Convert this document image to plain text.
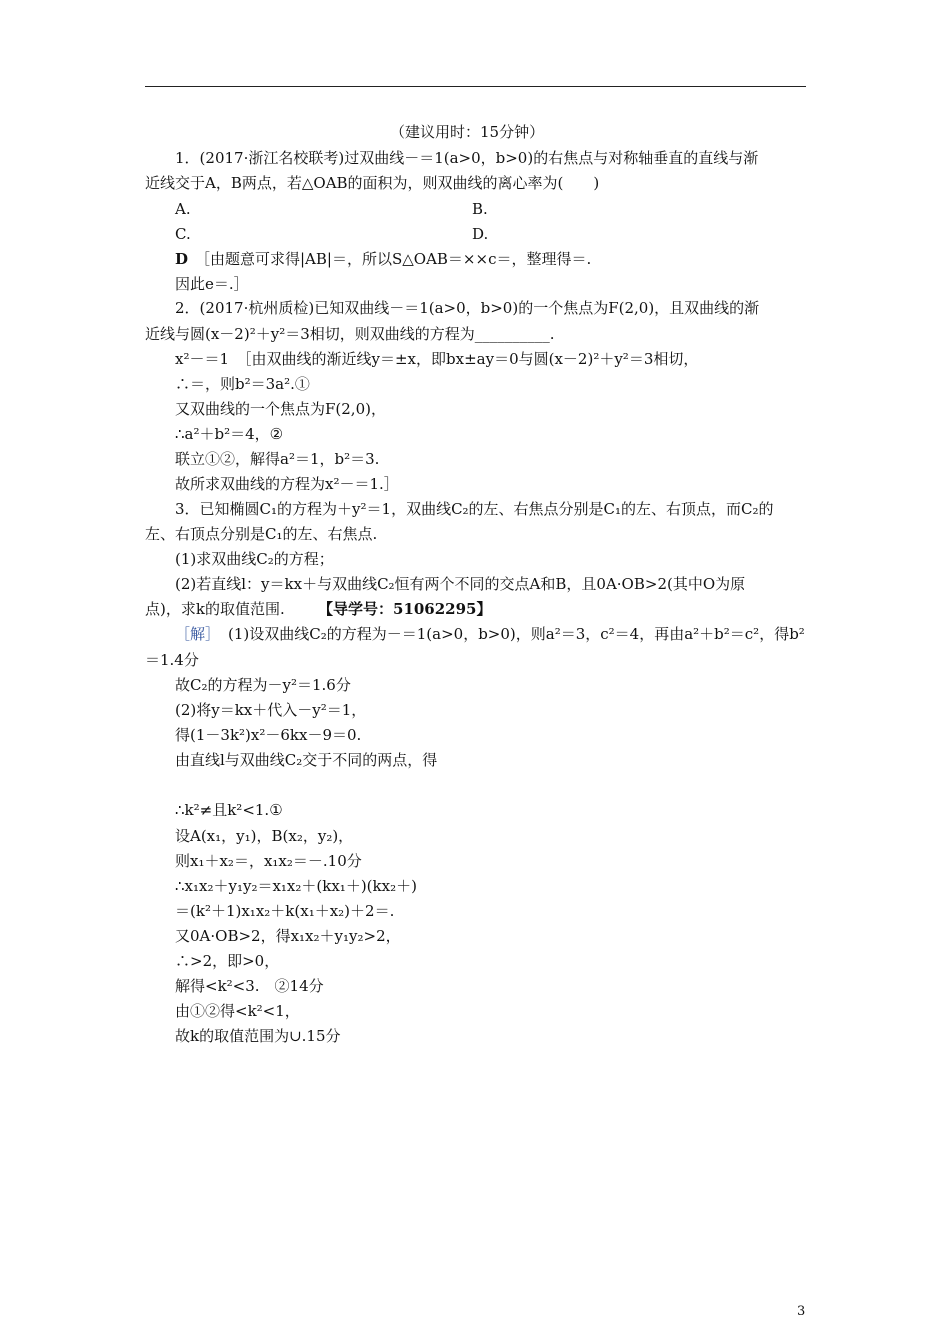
（建议用时：15分钟）
1．(2017·浙江名校联考)过双曲线－＝1(a>0，b>0)的右焦点与对称轴垂直的直线与渐
近线交于A，B两点，若△OAB的面积为，则双曲线的离心率为(　　)
A.	B.
C.	D.
D ［由题意可求得|AB|＝，所以S△OAB＝××c＝，整理得＝.
因此e＝.］
2．(2017·杭州质检)已知双曲线－＝1(a>0，b>0)的一个焦点为F(2,0)，且双曲线的渐
近线与圆(x－2)²＋y²＝3相切，则双曲线的方程为__________.
x²－＝1　［由双曲线的渐近线y＝±x，即bx±ay＝0与圆(x－2)²＋y²＝3相切，
∴＝，则b²＝3a².①
又双曲线的一个焦点为F(2,0)，
∴a²＋b²＝4，②
联立①②，解得a²＝1，b²＝3.
故所求双曲线的方程为x²－＝1.］
3．已知椭圆C₁的方程为＋y²＝1，双曲线C₂的左、右焦点分别是C₁的左、右顶点，而C₂的
左、右顶点分别是C₁的左、右焦点.
(1)求双曲线C₂的方程；
(2)若直线l：y＝kx＋与双曲线C₂恒有两个不同的交点A和B，且0A·OB>2(其中O为原
点)，求k的取值范围. 【导学号：51062295】
［解］ (1)设双曲线C₂的方程为－＝1(a>0，b>0)，则a²＝3，c²＝4，再由a²＋b²＝c²，得b²
＝1.4分
故C₂的方程为－y²＝1.6分
(2)将y＝kx＋代入－y²＝1，
得(1－3k²)x²－6kx－9＝0.
由直线l与双曲线C₂交于不同的两点，得
∴k²≠且k²<1.①
设A(x₁，y₁)，B(x₂，y₂)，
则x₁＋x₂＝，x₁x₂＝－.10分
∴x₁x₂＋y₁y₂＝x₁x₂＋(kx₁＋)(kx₂＋)
＝(k²＋1)x₁x₂＋k(x₁＋x₂)＋2＝.
又0A·OB>2，得x₁x₂＋y₁y₂>2，
∴>2，即>0，
解得<k²<3.　②14分
由①②得<k²<1，
故k的取值范围为∪.15分
3
